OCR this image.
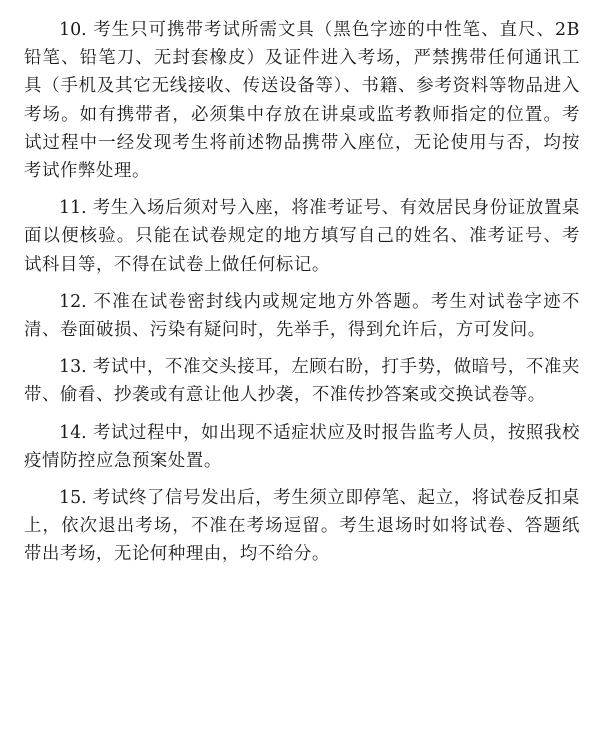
10. 考生只可携带考试所需文具（黑色字迹的中性笔、直尺、2B铅笔、铅笔刀、无封套橡皮）及证件进入考场，严禁携带任何通讯工具（手机及其它无线接收、传送设备等）、书籍、参考资料等物品进入考场。如有携带者，必须集中存放在讲桌或监考教师指定的位置。考试过程中一经发现考生将前述物品携带入座位，无论使用与否，均按考试作弊处理。

11. 考生入场后须对号入座，将准考证号、有效居民身份证放置桌面以便核验。只能在试卷规定的地方填写自己的姓名、准考证号、考试科目等，不得在试卷上做任何标记。

12. 不准在试卷密封线内或规定地方外答题。考生对试卷字迹不清、卷面破损、污染有疑问时，先举手，得到允许后，方可发问。

13. 考试中，不准交头接耳，左顾右盼，打手势，做暗号，不准夹带、偷看、抄袭或有意让他人抄袭，不准传抄答案或交换试卷等。

14. 考试过程中，如出现不适症状应及时报告监考人员，按照我校疫情防控应急预案处置。

15. 考试终了信号发出后，考生须立即停笔、起立，将试卷反扣桌上，依次退出考场，不准在考场逗留。考生退场时如将试卷、答题纸带出考场，无论何种理由，均不给分。
